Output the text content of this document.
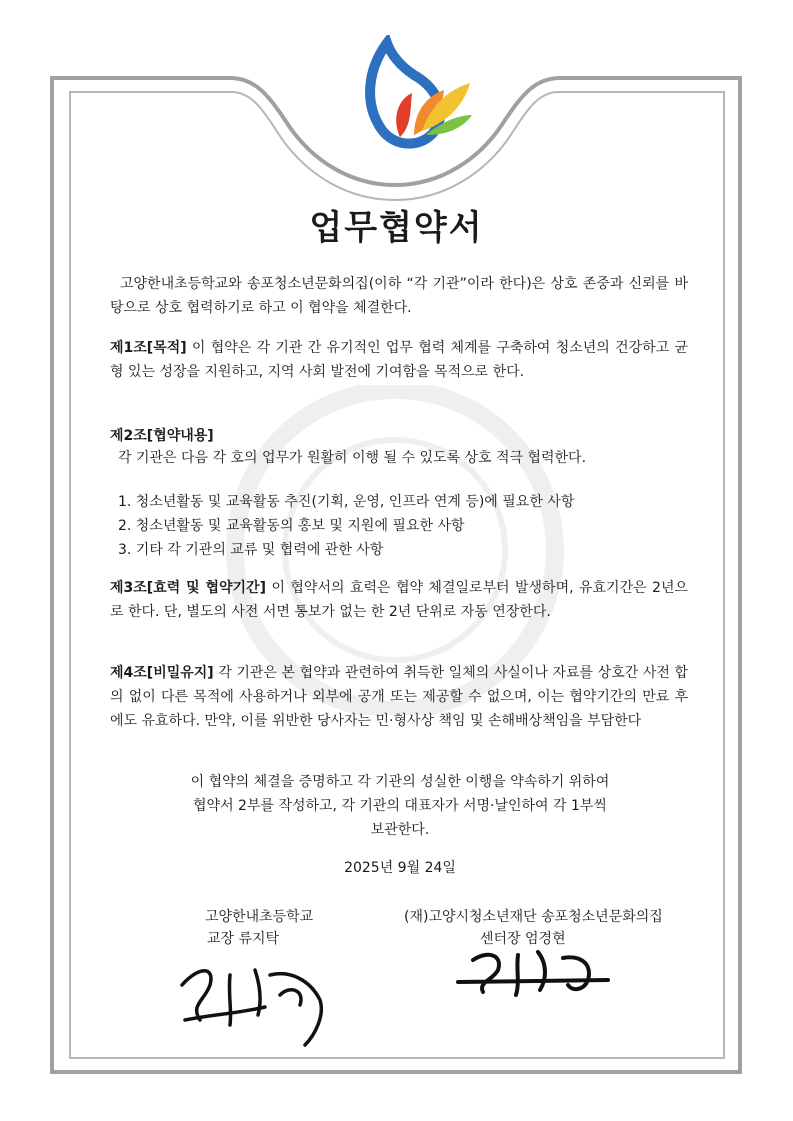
업무협약서

고양한내초등학교와 송포청소년문화의집(이하 “각 기관”이라 한다)은 상호 존중과 신뢰를 바탕으로 상호 협력하기로 하고 이 협약을 체결한다.

제1조[목적] 이 협약은 각 기관 간 유기적인 업무 협력 체계를 구축하여 청소년의 건강하고 균형 있는 성장을 지원하고, 지역 사회 발전에 기여함을 목적으로 한다.

제2조[협약내용]

각 기관은 다음 각 호의 업무가 원활히 이행 될 수 있도록 상호 적극 협력한다.

1. 청소년활동 및 교육활동 추진(기획, 운영, 인프라 연계 등)에 필요한 사항
2. 청소년활동 및 교육활동의 홍보 및 지원에 필요한 사항
3. 기타 각 기관의 교류 및 협력에 관한 사항

제3조[효력 및 협약기간] 이 협약서의 효력은 협약 체결일로부터 발생하며, 유효기간은 2년으로 한다. 단, 별도의 사전 서면 통보가 없는 한 2년 단위로 자동 연장한다.

제4조[비밀유지] 각 기관은 본 협약과 관련하여 취득한 일체의 사실이나 자료를 상호간 사전 합의 없이 다른 목적에 사용하거나 외부에 공개 또는 제공할 수 없으며, 이는 협약기간의 만료 후에도 유효하다. 만약, 이를 위반한 당사자는 민·형사상 책임 및 손해배상책임을 부담한다

이 협약의 체결을 증명하고 각 기관의 성실한 이행을 약속하기 위하여
협약서 2부를 작성하고, 각 기관의 대표자가 서명·날인하여 각 1부씩
보관한다.
2025년 9월 24일
고양한내초등학교
교장 류지탁
(재)고양시청소년재단 송포청소년문화의집
센터장 엄경현
